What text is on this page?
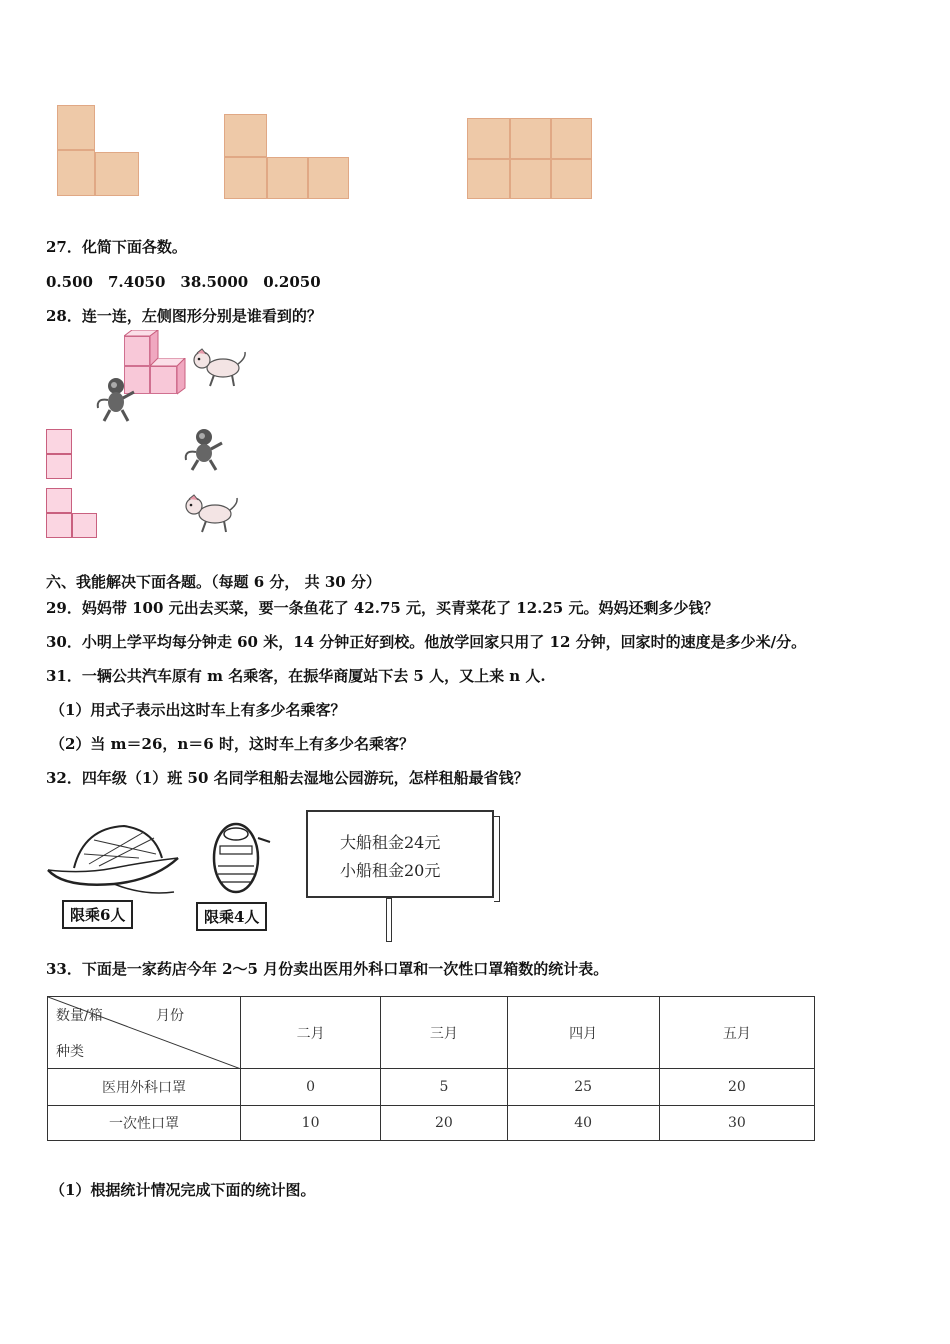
27．化简下面各数。
0.500　7.4050　38.5000　0.2050
28．连一连，左侧图形分别是谁看到的？
六、我能解决下面各题。（每题 6 分， 共 30 分）
29．妈妈带 100 元出去买菜，要一条鱼花了 42.75 元，买青菜花了 12.25 元。妈妈还剩多少钱？
30．小明上学平均每分钟走 60 米，14 分钟正好到校。他放学回家只用了 12 分钟，回家时的速度是多少米/分。
31．一辆公共汽车原有 m 名乘客，在振华商厦站下去 5 人，又上来 n 人.
（1）用式子表示出这时车上有多少名乘客？
（2）当 m＝26，n＝6 时，这时车上有多少名乘客？
32．四年级（1）班 50 名同学租船去湿地公园游玩，怎样租船最省钱？
限乘6人	限乘4人
大船租金24元
小船租金20元
33．下面是一家药店今年 2～5 月份卖出医用外科口罩和一次性口罩箱数的统计表。
数量/箱 月份
种类	二月	三月	四月	五月
医用外科口罩	0	5	25	20
一次性口罩	10	20	40	30
（1）根据统计情况完成下面的统计图。
